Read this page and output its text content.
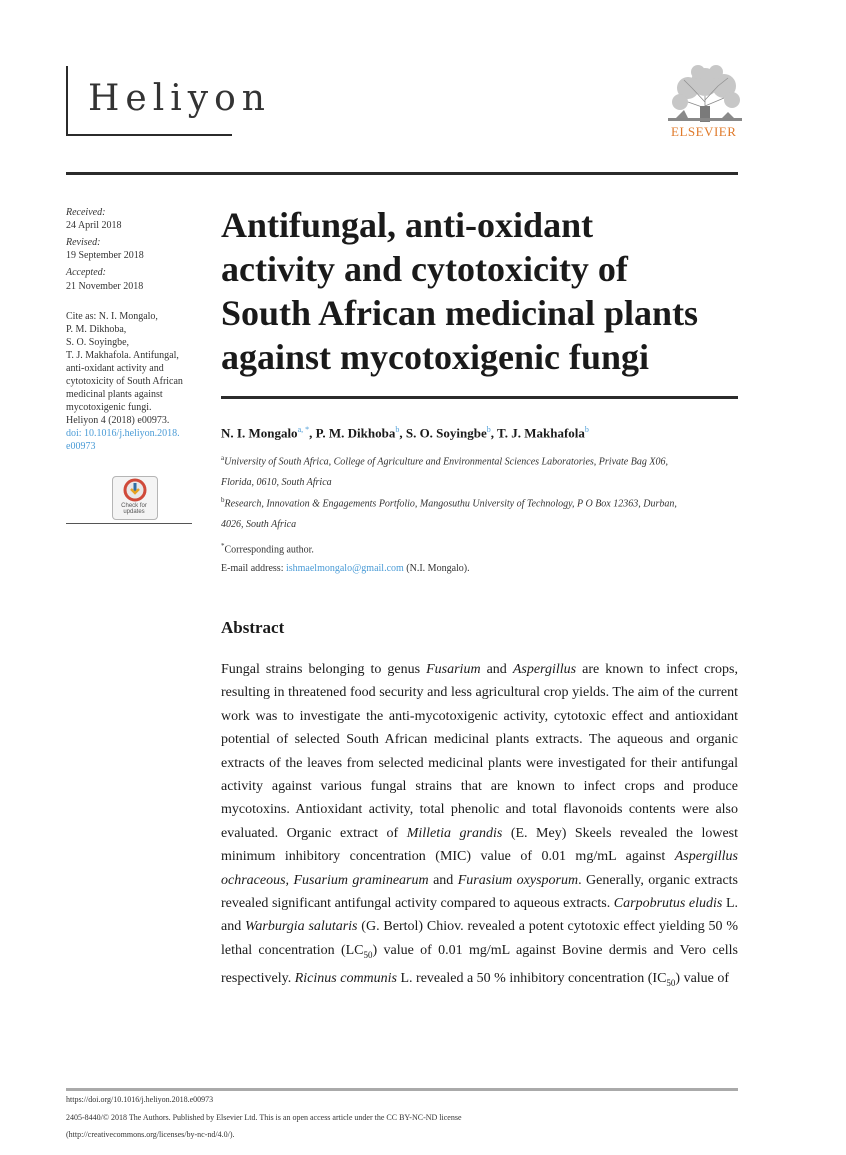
Heliyon
ELSEVIER
Received:
24 April 2018
Revised:
19 September 2018
Accepted:
21 November 2018
Cite as: N. I. Mongalo,
P. M. Dikhoba,
S. O. Soyingbe,
T. J. Makhafola. Antifungal,
anti-oxidant activity and
cytotoxicity of South African
medicinal plants against
mycotoxigenic fungi.
Heliyon 4 (2018) e00973.
doi: 10.1016/j.heliyon.2018.
e00973
Check for
updates
Antifungal, anti-oxidant
activity and cytotoxicity of
South African medicinal plants
against mycotoxigenic fungi
N. I. Mongalo$^{a, *}$, P. M. Dikhoba$^b$, S. O. Soyingbe$^b$, T. J. Makhafola$^b$
$^a$University of South Africa, College of Agriculture and Environmental Sciences Laboratories, Private Bag X06,
Florida, 0610, South Africa
$^b$Research, Innovation & Engagements Portfolio, Mangosuthu University of Technology, P O Box 12363, Durban,
4026, South Africa
*Corresponding author.
E-mail address: ishmaelmongalo@gmail.com (N.I. Mongalo).
Abstract
Fungal strains belonging to genus Fusarium and Aspergillus are known to infect crops, resulting in threatened food security and less agricultural crop yields. The aim of the current work was to investigate the anti-mycotoxigenic activity, cytotoxic effect and antioxidant potential of selected South African medicinal plants extracts. The aqueous and organic extracts of the leaves from selected medicinal plants were investigated for their antifungal activity against various fungal strains that are known to infect crops and produce mycotoxins. Antioxidant activity, total phenolic and total flavonoids contents were also evaluated. Organic extract of Milletia grandis (E. Mey) Skeels revealed the lowest minimum inhibitory concentration (MIC) value of 0.01 mg/mL against Aspergillus ochraceous, Fusarium graminearum and Furasium oxysporum. Generally, organic extracts revealed significant antifungal activity compared to aqueous extracts. Carpobrutus eludis L. and Warburgia salutaris (G. Bertol) Chiov. revealed a potent cytotoxic effect yielding 50 % lethal concentration $(LC_{50})$ value of 0.01 mg/mL against Bovine dermis and Vero cells respectively. Ricinus communis L. revealed a 50 % inhibitory concentration $(IC_{50})$ value of
https://doi.org/10.1016/j.heliyon.2018.e00973
2405-8440/© 2018 The Authors. Published by Elsevier Ltd. This is an open access article under the CC BY-NC-ND license
(http://creativecommons.org/licenses/by-nc-nd/4.0/).
